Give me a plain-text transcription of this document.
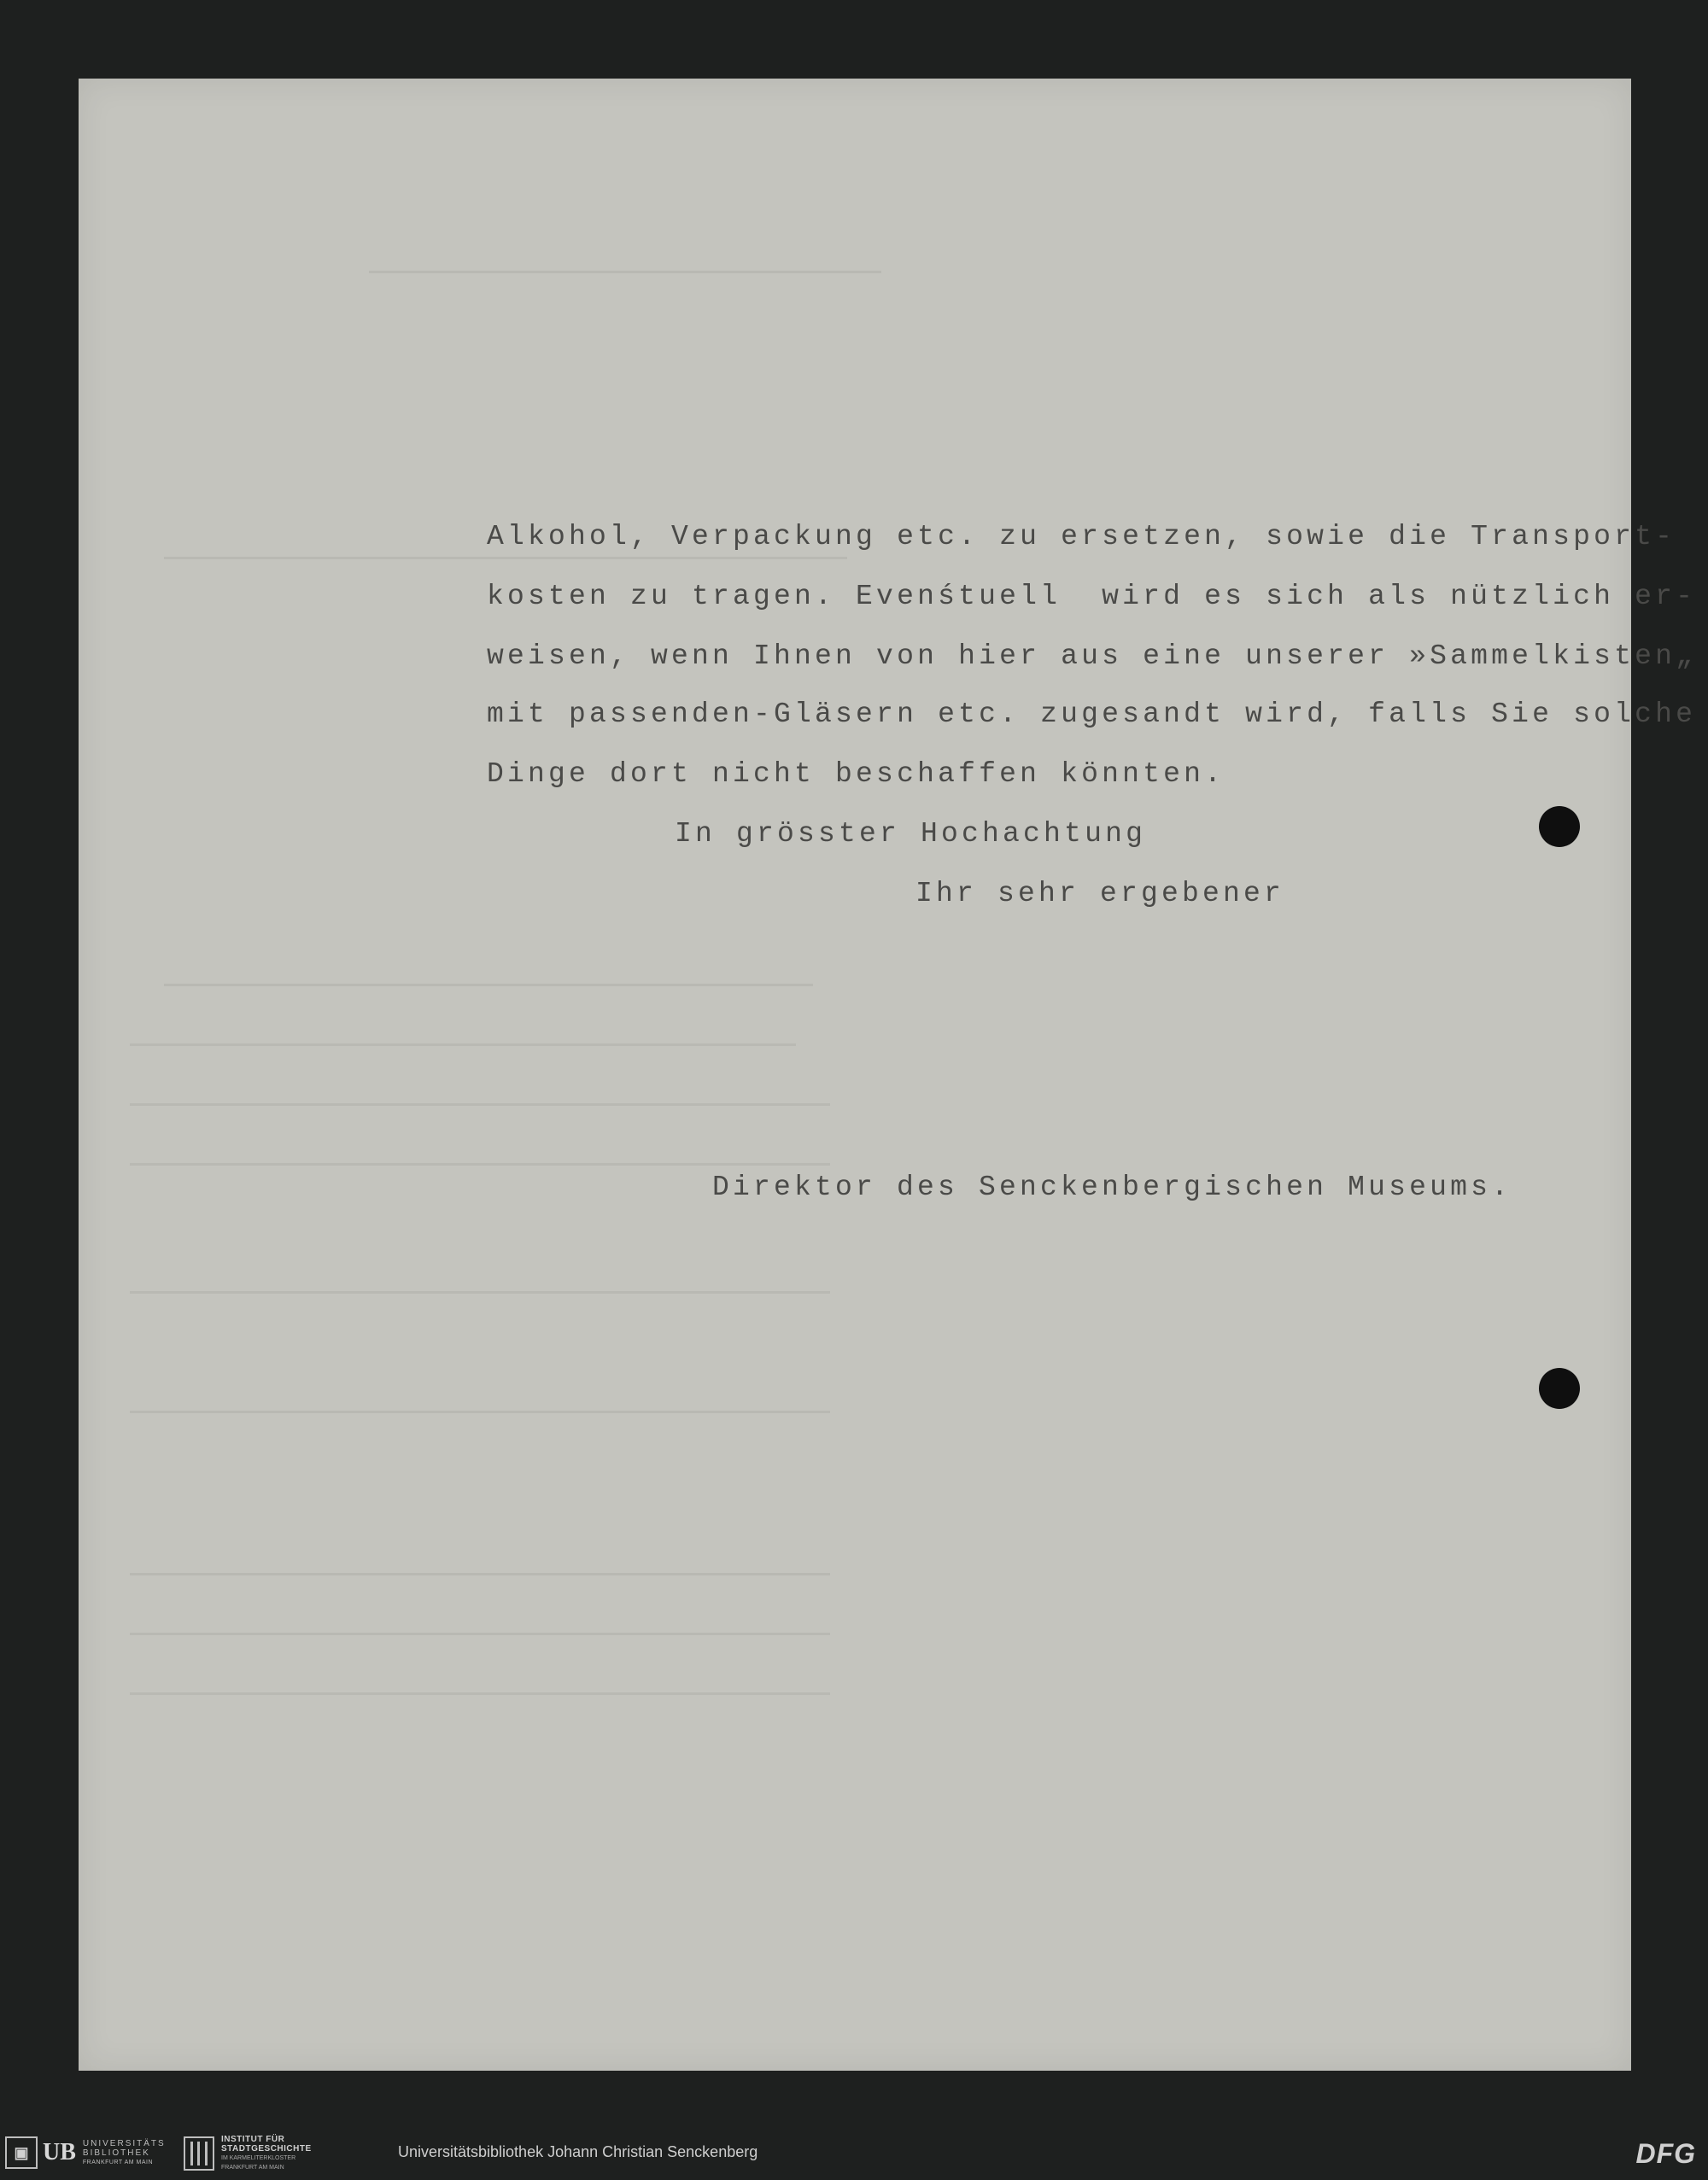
Alkohol, Verpackung etc. zu ersetzen, sowie die Transport-
kosten zu tragen. Evenśtuell  wird es sich als nützlich er-
weisen, wenn Ihnen von hier aus eine unserer »Sammelkisten„
mit passenden-Gläsern etc. zugesandt wird, falls Sie solche
Dinge dort nicht beschaffen könnten.
In grösster Hochachtung
Ihr sehr ergebener
Direktor des Senckenbergischen Museums.
▣ UB UNIVERSITÄTS
BIBLIOTHEK
FRANKFURT AM MAIN
INSTITUT FÜR
STADTGESCHICHTE
IM KARMELITERKLOSTER
FRANKFURT AM MAIN
Universitätsbibliothek Johann Christian Senckenberg	DFG
